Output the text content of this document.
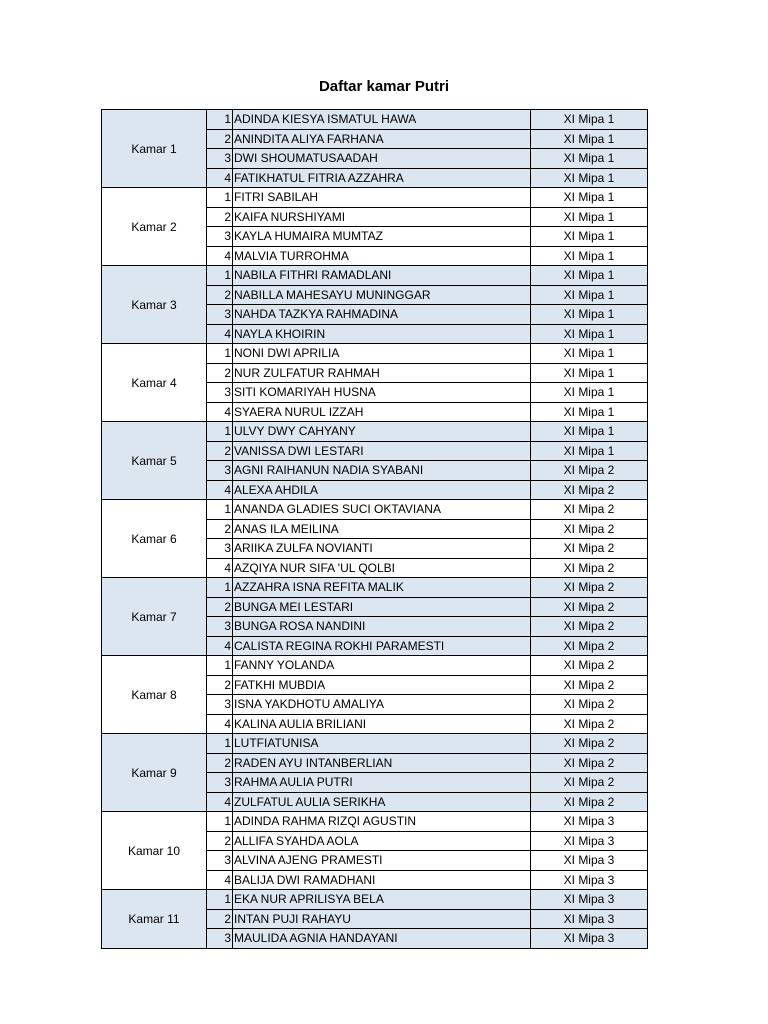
Daftar kamar Putri
Kamar 1	1	ADINDA KIESYA ISMATUL HAWA	XI Mipa 1
	2	ANINDITA ALIYA FARHANA	XI Mipa 1
	3	DWI SHOUMATUSAADAH	XI Mipa 1
	4	FATIKHATUL FITRIA AZZAHRA	XI Mipa 1
Kamar 2	1	FITRI SABILAH	XI Mipa 1
	2	KAIFA NURSHIYAMI	XI Mipa 1
	3	KAYLA HUMAIRA MUMTAZ	XI Mipa 1
	4	MALVIA TURROHMA	XI Mipa 1
Kamar 3	1	NABILA FITHRI RAMADLANI	XI Mipa 1
	2	NABILLA MAHESAYU MUNINGGAR	XI Mipa 1
	3	NAHDA TAZKYA RAHMADINA	XI Mipa 1
	4	NAYLA KHOIRIN	XI Mipa 1
Kamar 4	1	NONI DWI APRILIA	XI Mipa 1
	2	NUR ZULFATUR RAHMAH	XI Mipa 1
	3	SITI KOMARIYAH HUSNA	XI Mipa 1
	4	SYAERA NURUL IZZAH	XI Mipa 1
Kamar 5	1	ULVY DWY CAHYANY	XI Mipa 1
	2	VANISSA DWI LESTARI	XI Mipa 1
	3	AGNI RAIHANUN NADIA SYABANI	XI Mipa 2
	4	ALEXA AHDILA	XI Mipa 2
Kamar 6	1	ANANDA GLADIES SUCI OKTAVIANA	XI Mipa 2
	2	ANAS ILA MEILINA	XI Mipa 2
	3	ARIIKA ZULFA NOVIANTI	XI Mipa 2
	4	AZQIYA NUR SIFA 'UL QOLBI	XI Mipa 2
Kamar 7	1	AZZAHRA ISNA REFITA MALIK	XI Mipa 2
	2	BUNGA MEI LESTARI	XI Mipa 2
	3	BUNGA ROSA NANDINI	XI Mipa 2
	4	CALISTA REGINA ROKHI PARAMESTI	XI Mipa 2
Kamar 8	1	FANNY YOLANDA	XI Mipa 2
	2	FATKHI MUBDIA	XI Mipa 2
	3	ISNA YAKDHOTU AMALIYA	XI Mipa 2
	4	KALINA AULIA BRILIANI	XI Mipa 2
Kamar 9	1	LUTFIATUNISA	XI Mipa 2
	2	RADEN AYU INTANBERLIAN	XI Mipa 2
	3	RAHMA AULIA PUTRI	XI Mipa 2
	4	ZULFATUL AULIA SERIKHA	XI Mipa 2
Kamar 10	1	ADINDA RAHMA RIZQI AGUSTIN	XI Mipa 3
	2	ALLIFA SYAHDA AOLA	XI Mipa 3
	3	ALVINA AJENG PRAMESTI	XI Mipa 3
	4	BALIJA DWI RAMADHANI	XI Mipa 3
Kamar 11	1	EKA NUR APRILISYA BELA	XI Mipa 3
	2	INTAN PUJI RAHAYU	XI Mipa 3
	3	MAULIDA AGNIA HANDAYANI	XI Mipa 3
